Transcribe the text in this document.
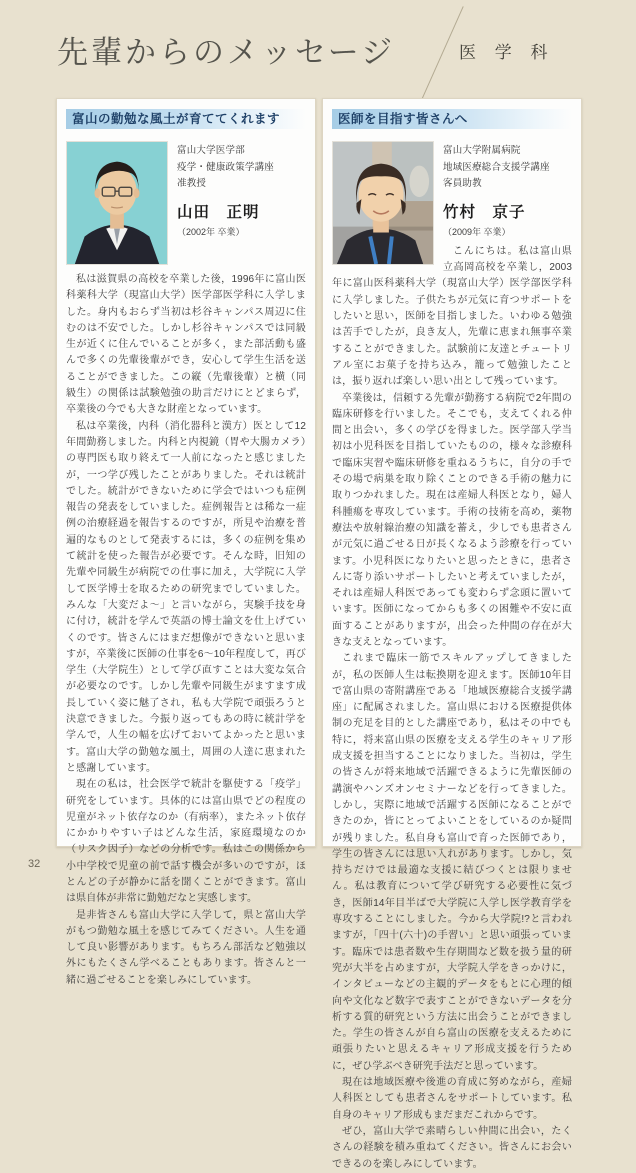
先輩からのメッセージ	医 学 科
富山の勤勉な風土が育ててくれます
富山大学医学部
疫学・健康政策学講座
准教授
山田　正明
（2002年 卒業）

私は滋賀県の高校を卒業した後，1996年に富山医科薬科大学（現富山大学）医学部医学科に入学しました。身内もおらず当初は杉谷キャンパス周辺に住むのは不安でした。しかし杉谷キャンパスでは同級生が近くに住んでいることが多く，また部活動も盛んで多くの先輩後輩ができ，安心して学生生活を送ることができました。この縦（先輩後輩）と横（同級生）の関係は試験勉強の助言だけにとどまらず，卒業後の今でも大きな財産となっています。

私は卒業後，内科（消化器科と漢方）医として12年間勤務しました。内科と内視鏡（胃や大腸カメラ）の専門医も取り終えて一人前になったと感じましたが，一つ学び残したことがありました。それは統計でした。統計ができないために学会ではいつも症例報告の発表をしていました。症例報告とは稀な一症例の治療経過を報告するのですが，所見や治療を普遍的なものとして発表するには，多くの症例を集めて統計を使った報告が必要です。そんな時，旧知の先輩や同級生が病院での仕事に加え，大学院に入学して医学博士を取るための研究までしていました。みんな「大変だよ～」と言いながら，実験手技を身に付け，統計を学んで英語の博士論文を仕上げていくのです。皆さんにはまだ想像ができないと思いますが，卒業後に医師の仕事を6～10年程度して，再び学生（大学院生）として学び直すことは大変な気合が必要なのです。しかし先輩や同級生がますます成長していく姿に魅了され，私も大学院で頑張ろうと決意できました。今振り返ってもあの時に統計学を学んで，人生の幅を広げておいてよかったと思います。富山大学の勤勉な風土，周囲の人達に恵まれたと感謝しています。

現在の私は，社会医学で統計を駆使する「疫学」研究をしています。具体的には富山県でどの程度の児童がネット依存なのか（有病率），またネット依存にかかりやすい子はどんな生活，家庭環境なのか（リスク因子）などの分析です。私はこの関係から小中学校で児童の前で話す機会が多いのですが，ほとんどの子が静かに話を聞くことができます。富山は県自体が非常に勤勉だなと実感します。

是非皆さんも富山大学に入学して，県と富山大学がもつ勤勉な風土を感じてみてください。人生を通して良い影響があります。もちろん部活など勉強以外にもたくさん学べることもあります。皆さんと一緒に過ごせることを楽しみにしています。

医師を目指す皆さんへ
富山大学附属病院
地域医療総合支援学講座
客員助教
竹村　京子
（2009年 卒業）

こんにちは。私は富山県立高岡高校を卒業し，2003年に富山医科薬科大学（現富山大学）医学部医学科に入学しました。子供たちが元気に育つサポートをしたいと思い，医師を目指しました。いわゆる勉強は苦手でしたが，良き友人，先輩に恵まれ無事卒業することができました。試験前に友達とチュートリアル室にお菓子を持ち込み，籠って勉強したことは，振り返れば楽しい思い出として残っています。

卒業後は，信頼する先輩が勤務する病院で2年間の臨床研修を行いました。そこでも，支えてくれる仲間と出会い，多くの学びを得ました。医学部入学当初は小児科医を目指していたものの，様々な診療科で臨床実習や臨床研修を重ねるうちに，自分の手でその場で病巣を取り除くことのできる手術の魅力に取りつかれました。現在は産婦人科医となり，婦人科腫瘍を専攻しています。手術の技術を高め，薬物療法や放射線治療の知識を蓄え，少しでも患者さんが元気に過ごせる日が長くなるよう診療を行っています。小児科医になりたいと思ったときに，患者さんに寄り添いサポートしたいと考えていましたが，それは産婦人科医であっても変わらず念頭に置いています。医師になってからも多くの困難や不安に直面することがありますが，出会った仲間の存在が大きな支えとなっています。

これまで臨床一筋でスキルアップしてきましたが，私の医師人生は転換期を迎えます。医師10年目で富山県の寄附講座である「地域医療総合支援学講座」に配属されました。富山県における医療提供体制の充足を目的とした講座であり，私はその中でも特に，将来富山県の医療を支える学生のキャリア形成支援を担当することになりました。当初は，学生の皆さんが将来地域で活躍できるように先輩医師の講演やハンズオンセミナーなどを行ってきました。しかし，実際に地域で活躍する医師になることができたのか，皆にとってよいことをしているのか疑問が残りました。私自身も富山で育った医師であり，学生の皆さんには思い入れがあります。しかし，気持ちだけでは最適な支援に結びつくとは限りません。私は教育について学び研究する必要性に気づき，医師14年目半ばで大学院に入学し医学教育学を専攻することにしました。今から大学院!?と言われますが，「四十(六十)の手習い」と思い頑張っています。臨床では患者数や生存期間など数を扱う量的研究が大半を占めますが，大学院入学をきっかけに，インタビューなどの主観的データをもとに心理的傾向や文化など数字で表すことができないデータを分析する質的研究という方法に出会うことができました。学生の皆さんが自ら富山の医療を支えるために頑張りたいと思えるキャリア形成支援を行うために，ぜひ学ぶべき研究手法だと思っています。

現在は地域医療や後進の育成に努めながら，産婦人科医としても患者さんをサポートしています。私自身のキャリア形成もまだまだこれからです。

ぜひ，富山大学で素晴らしい仲間に出会い，たくさんの経験を積み重ねてください。皆さんにお会いできるのを楽しみにしています。

32
